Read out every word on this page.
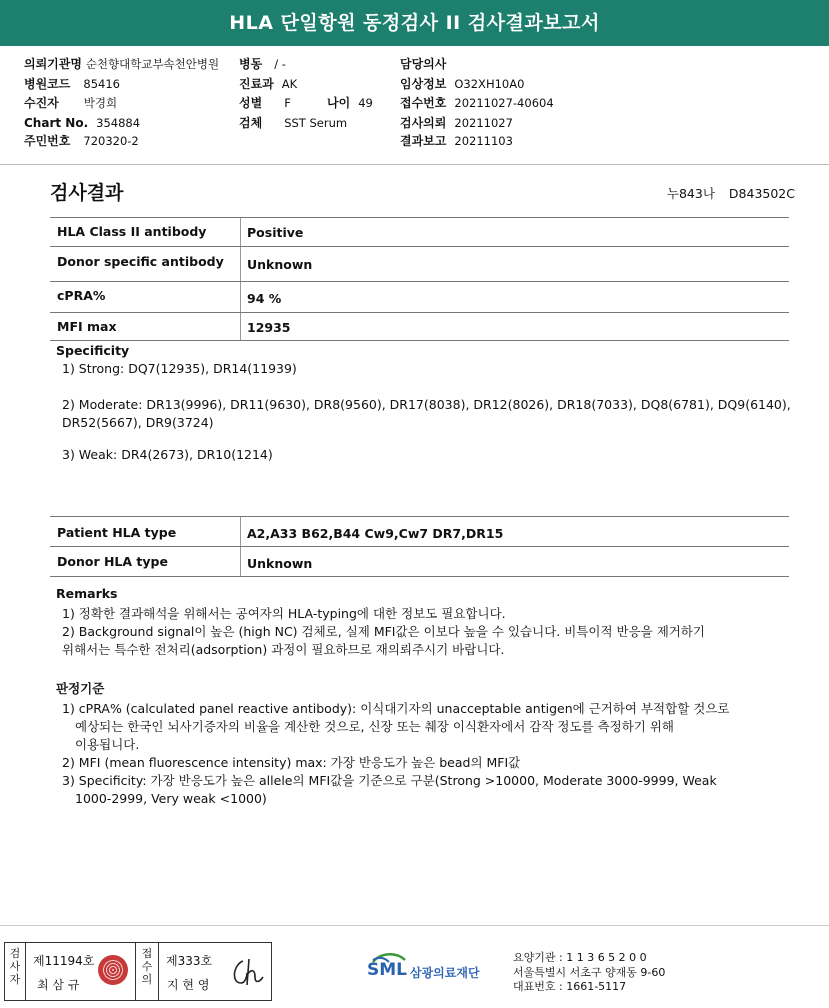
HLA 단일항원 동정검사 II 검사결과보고서
의뢰기관명 순천향대학교부속천안병원 병동 / -	담당의사
병원코드 85416	진료과 AK	임상정보 O32XH10A0
수진자 박경희	성별 F	나이 49 접수번호 20211027-40604
Chart No. 354884	검체 SST Serum	검사의뢰 20211027
주민번호 720320-2	결과보고 20211103
검사결과	누843나 D843502C
HLA Class II antibody	Positive
Donor specific antibody Unknown
cPRA%	94 %
MFI max	12935
Specificity
1) Strong: DQ7(12935), DR14(11939)
2) Moderate: DR13(9996), DR11(9630), DR8(9560), DR17(8038), DR12(8026), DR18(7033), DQ8(6781), DQ9(6140),
DR52(5667), DR9(3724)
3) Weak: DR4(2673), DR10(1214)
Patient HLA type	A2,A33 B62,B44 Cw9,Cw7 DR7,DR15
Donor HLA type	Unknown
Remarks
1) 정확한 결과해석을 위해서는 공여자의 HLA-typing에 대한 정보도 필요합니다.
2) Background signal이 높은 (high NC) 검체로, 실제 MFI값은 이보다 높을 수 있습니다. 비특이적 반응을 제거하기
위해서는 특수한 전처리(adsorption) 과정이 필요하므로 재의뢰주시기 바랍니다.
판정기준
1) cPRA% (calculated panel reactive antibody): 이식대기자의 unacceptable antigen에 근거하여 부적합할 것으로
예상되는 한국인 뇌사기증자의 비율을 계산한 것으로, 신장 또는 췌장 이식환자에서 감작 정도를 측정하기 위해
이용됩니다.
2) MFI (mean fluorescence intensity) max: 가장 반응도가 높은 bead의 MFI값
3) Specificity: 가장 반응도가 높은 allele의 MFI값을 기준으로 구분(Strong >10000, Moderate 3000-9999, Weak
1000-2999, Very weak <1000)
검
사
자
제11194호
최 삼 규
접
수
의
제333호
지 현 영
SML 삼광의료재단
요양기관 : 1 1 3 6 5 2 0 0
서울특별시 서초구 양재동 9-60
대표번호 : 1661-5117
